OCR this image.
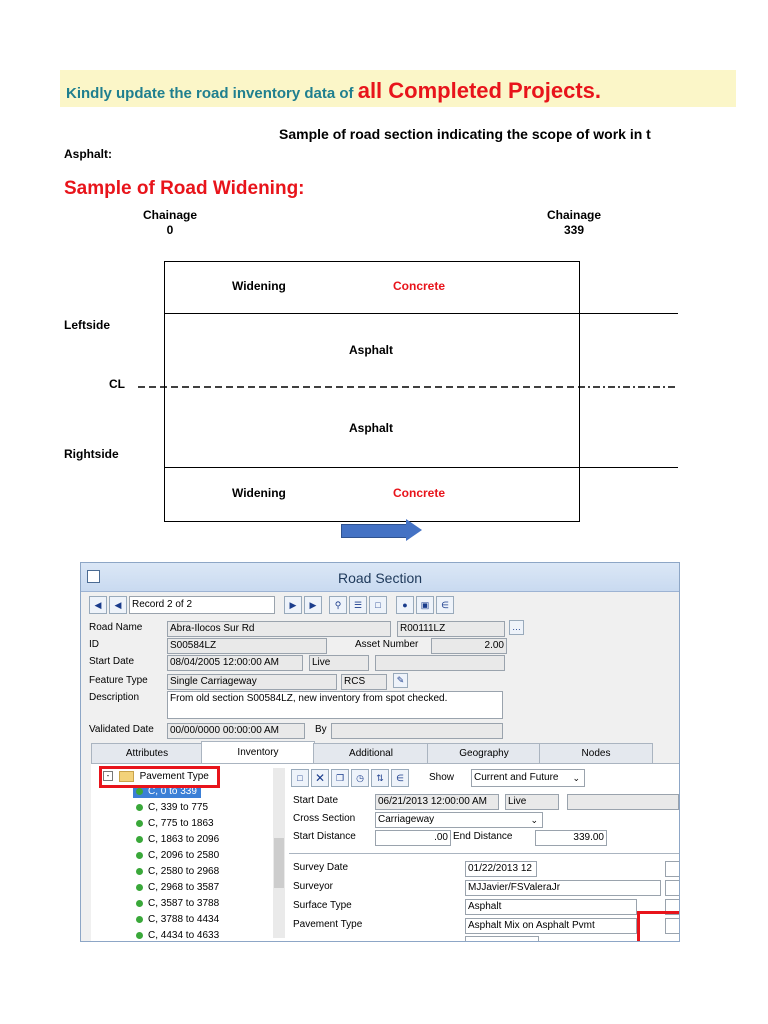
Kindly update the road inventory data of all Completed Projects.
Sample of road section indicating the scope of work in t
Asphalt:
Sample of Road Widening:
Chainage
0
Chainage
339
Widening	Concrete
Leftside
Asphalt
CL
Asphalt
Rightside
Widening	Concrete
Road Section
◀	◀	Record 2 of 2	▶	▶	⚲	☰	□	●	▣	∈
Road Name	Abra-Ilocos Sur Rd	R00111LZ	…
ID	S00584LZ	Asset Number	2.00
Start Date	08/04/2005 12:00:00 AM	Live
Feature Type	Single Carriageway	RCS	✎
Description	From old section S00584LZ, new inventory from spot checked.
Validated Date	00/00/0000 00:00:00 AM	By
Attributes	Inventory	Additional	Geography	Nodes
-	Pavement Type
C, 0 to 339
C, 339 to 775
C, 775 to 1863
C, 1863 to 2096
C, 2096 to 2580
C, 2580 to 2968
C, 2968 to 3587
C, 3587 to 3788
C, 3788 to 4434
C, 4434 to 4633
□	✕	❐	◷	⇅	∈	Show	Current and Future ⌄
Start Date	06/21/2013 12:00:00 AM	Live
Cross Section	Carriageway	⌄
Start Distance	.00 End Distance	339.00
Survey Date	01/22/2013 12
Surveyor	MJJavier/FSValeraJr
Surface Type	Asphalt
Pavement Type	Asphalt Mix on Asphalt Pvmt
